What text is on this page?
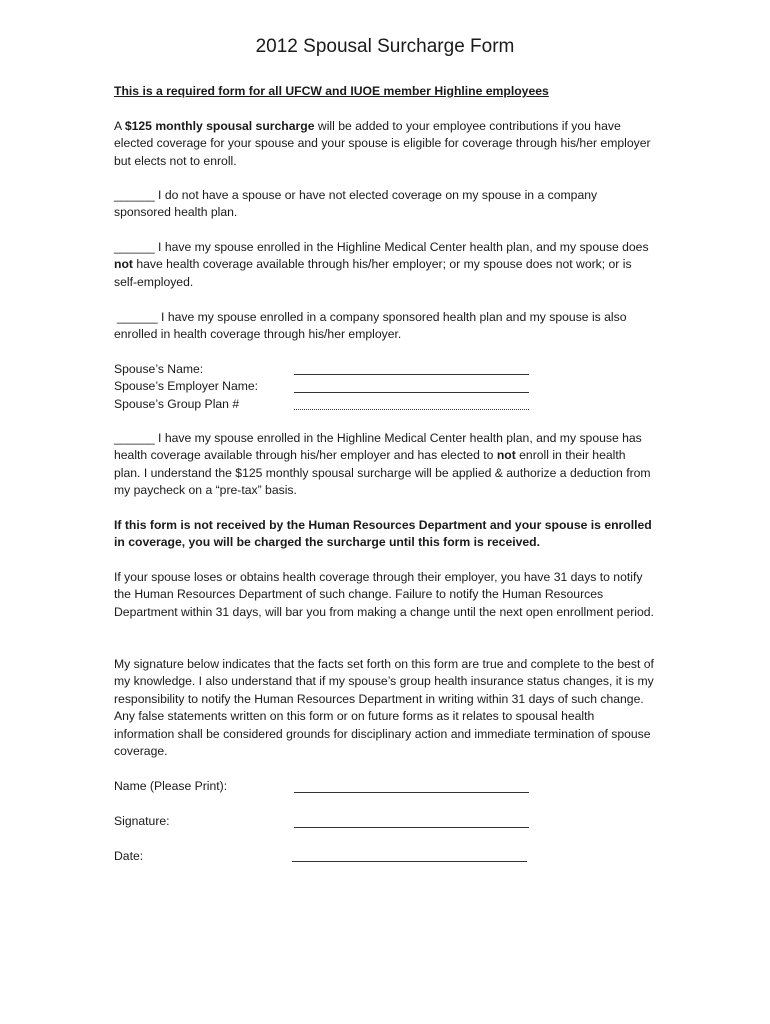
2012 Spousal Surcharge Form

This is a required form for all UFCW and IUOE member Highline employees

A $125 monthly spousal surcharge will be added to your employee contributions if you have elected coverage for your spouse and your spouse is eligible for coverage through his/her employer but elects not to enroll.

______ I do not have a spouse or have not elected coverage on my spouse in a company sponsored health plan.

______ I have my spouse enrolled in the Highline Medical Center health plan, and my spouse does not have health coverage available through his/her employer; or my spouse does not work; or is self-employed.

______ I have my spouse enrolled in a company sponsored health plan and my spouse is also enrolled in health coverage through his/her employer.

Spouse’s Name:
Spouse’s Employer Name:
Spouse’s Group Plan #

______ I have my spouse enrolled in the Highline Medical Center health plan, and my spouse has health coverage available through his/her employer and has elected to not enroll in their health plan. I understand the $125 monthly spousal surcharge will be applied & authorize a deduction from my paycheck on a “pre-tax” basis.

If this form is not received by the Human Resources Department and your spouse is enrolled in coverage, you will be charged the surcharge until this form is received.

If your spouse loses or obtains health coverage through their employer, you have 31 days to notify the Human Resources Department of such change. Failure to notify the Human Resources Department within 31 days, will bar you from making a change until the next open enrollment period.

My signature below indicates that the facts set forth on this form are true and complete to the best of my knowledge. I also understand that if my spouse’s group health insurance status changes, it is my responsibility to notify the Human Resources Department in writing within 31 days of such change. Any false statements written on this form or on future forms as it relates to spousal health information shall be considered grounds for disciplinary action and immediate termination of spouse coverage.

Name (Please Print):
Signature:
Date:
